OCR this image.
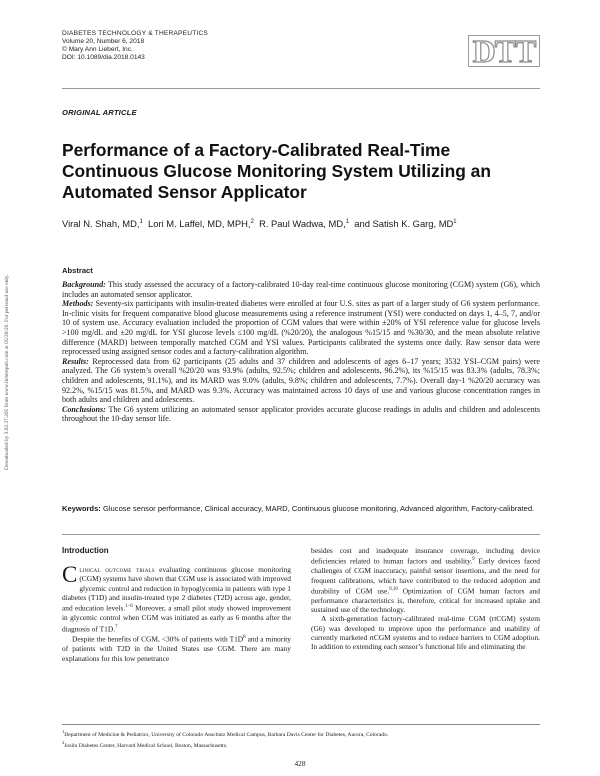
DIABETES TECHNOLOGY & THERAPEUTICS
Volume 20, Number 6, 2018
© Mary Ann Liebert, Inc.
DOI: 10.1089/dia.2018.0143	DTT
ORIGINAL ARTICLE
Performance of a Factory-Calibrated Real-Time Continuous Glucose Monitoring System Utilizing an Automated Sensor Applicator
Viral N. Shah, MD,$^1$ Lori M. Laffel, MD, MPH,$^2$ R. Paul Wadwa, MD,$^1$ and Satish K. Garg, $MD^1$
Downloaded by 3.92.37.205 from www.liebertpub.com at 05/20/20. For personal use only.
Abstract

Background: This study assessed the accuracy of a factory-calibrated 10-day real-time continuous glucose monitoring (CGM) system (G6), which includes an automated sensor applicator.

Methods: Seventy-six participants with insulin-treated diabetes were enrolled at four U.S. sites as part of a larger study of G6 system performance. In-clinic visits for frequent comparative blood glucose measurements using a reference instrument (YSI) were conducted on days 1, 4–5, 7, and/or 10 of system use. Accuracy evaluation included the proportion of CGM values that were within ±20% of YSI reference value for glucose levels >100 mg/dL and ±20 mg/dL for YSI glucose levels ≤100 mg/dL (%20/20), the analogous %15/15 and %30/30, and the mean absolute relative difference (MARD) between temporally matched CGM and YSI values. Participants calibrated the systems once daily. Raw sensor data were reprocessed using assigned sensor codes and a factory-calibration algorithm.

Results: Reprocessed data from 62 participants (25 adults and 37 children and adolescents of ages 6–17 years; 3532 YSI–CGM pairs) were analyzed. The G6 system’s overall %20/20 was 93.9% (adults, 92.5%; children and adolescents, 96.2%), its %15/15 was 83.3% (adults, 78.3%; children and adolescents, 91.1%), and its MARD was 9.0% (adults, 9.8%; children and adolescents, 7.7%). Overall day-1 %20/20 accuracy was 92.2%, %15/15 was 81.5%, and MARD was 9.3%. Accuracy was maintained across 10 days of use and various glucose concentration ranges in both adults and children and adolescents.

Conclusions: The G6 system utilizing an automated sensor applicator provides accurate glucose readings in adults and children and adolescents throughout the 10-day sensor life.

Keywords: Glucose sensor performance, Clinical accuracy, MARD, Continuous glucose monitoring, Advanced algorithm, Factory-calibrated.
Introduction

Clinical outcome trials evaluating continuous glucose monitoring (CGM) systems have shown that CGM use is associated with improved glycemic control and reduction in hypoglycemia in patients with type 1 diabetes (T1D) and insulin-treated type 2 diabetes (T2D) across age, gender, and education levels.$^{1-6}$ Moreover, a small pilot study showed improvement in glycemic control when CGM was initiated as early as 6 months after the diagnosis of T1D.$^7$

Despite the benefits of CGM, <30% of patients with $T1D^8$ and a minority of patients with T2D in the United States use CGM. There are many explanations for this low penetrance

besides cost and inadequate insurance coverage, including device deficiencies related to human factors and usability.$^9$ Early devices faced challenges of CGM inaccuracy, painful sensor insertions, and the need for frequent calibrations, which have contributed to the reduced adoption and durability of CGM use.$^{9,10}$ Optimization of CGM human factors and performance characteristics is, therefore, critical for increased uptake and sustained use of the technology.

A sixth-generation factory-calibrated real-time CGM (rtCGM) system (G6) was developed to improve upon the performance and usability of currently marketed rtCGM systems and to reduce barriers to CGM adoption. In addition to extending each sensor’s functional life and eliminating the

$^1$Department of Medicine & Pediatrics, University of Colorado Anschutz Medical Campus, Barbara Davis Center for Diabetes, Aurora, Colorado.

$^2$Joslin Diabetes Center, Harvard Medical School, Boston, Massachusetts.

428
